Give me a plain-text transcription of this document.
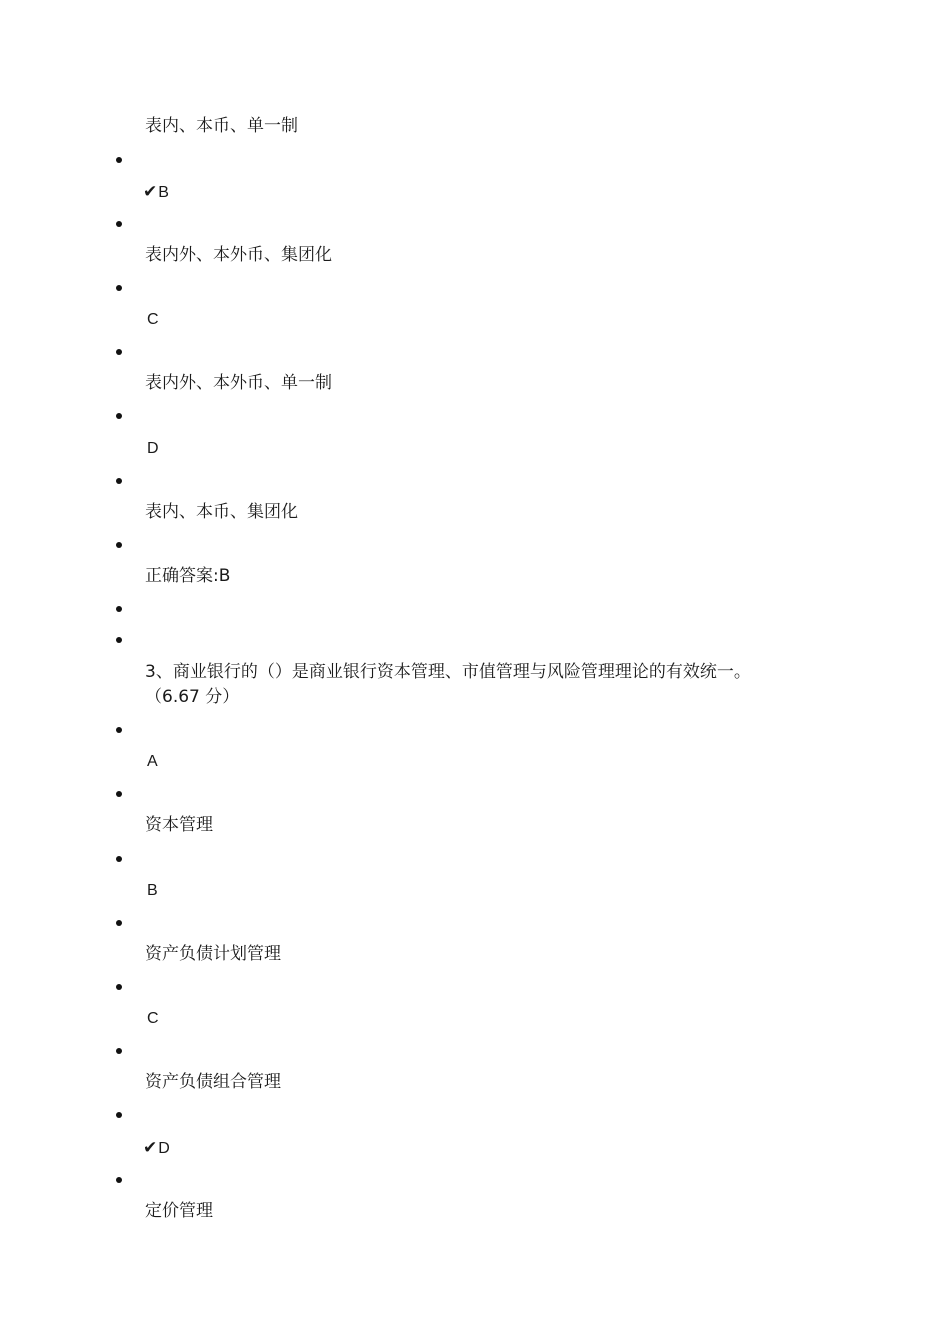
表内、本币、单一制
✔B
表内外、本外币、集团化
C
表内外、本外币、单一制
D
表内、本币、集团化
正确答案:B
3、商业银行的（）是商业银行资本管理、市值管理与风险管理理论的有效统一。
（6.67 分）
A
资本管理
B
资产负债计划管理
C
资产负债组合管理
✔D
定价管理
